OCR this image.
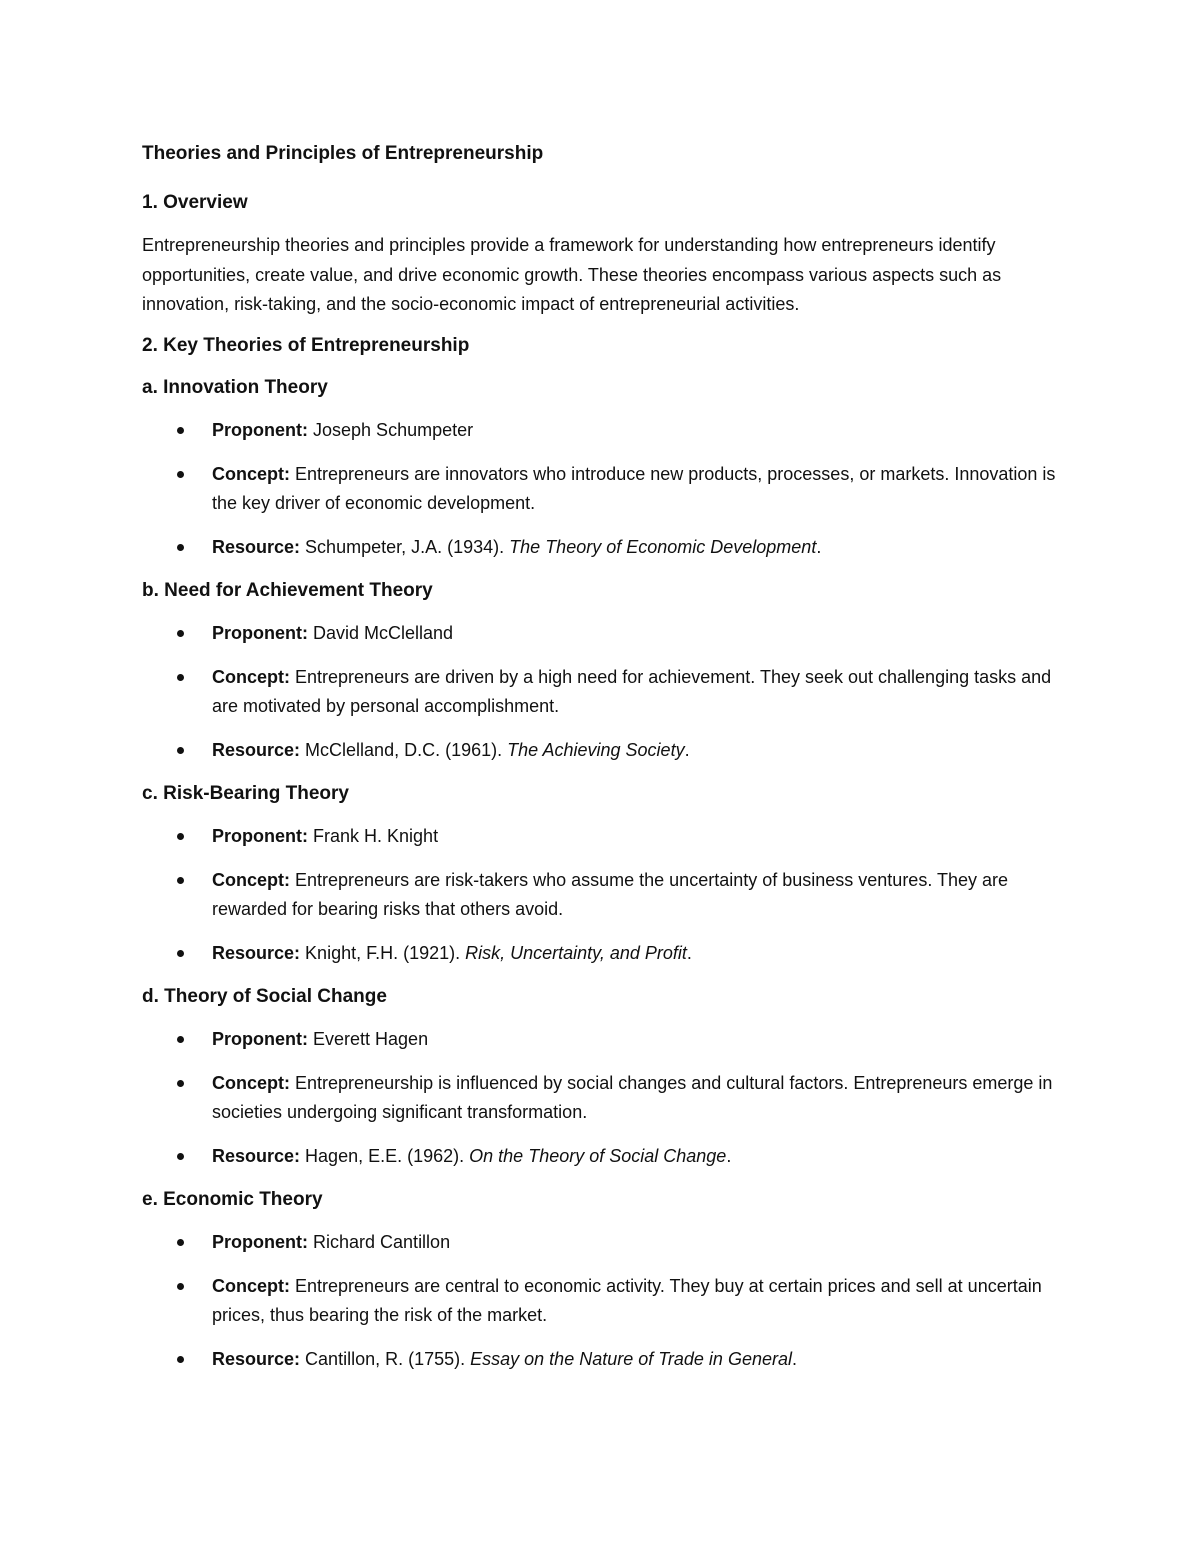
Theories and Principles of Entrepreneurship
1. Overview

Entrepreneurship theories and principles provide a framework for understanding how entrepreneurs identify opportunities, create value, and drive economic growth. These theories encompass various aspects such as innovation, risk-taking, and the socio-economic impact of entrepreneurial activities.

2. Key Theories of Entrepreneurship
a. Innovation Theory
Proponent: Joseph Schumpeter
Concept: Entrepreneurs are innovators who introduce new products, processes, or markets. Innovation is the key driver of economic development.
Resource: Schumpeter, J.A. (1934). The Theory of Economic Development.
b. Need for Achievement Theory
Proponent: David McClelland
Concept: Entrepreneurs are driven by a high need for achievement. They seek out challenging tasks and are motivated by personal accomplishment.
Resource: McClelland, D.C. (1961). The Achieving Society.
c. Risk-Bearing Theory
Proponent: Frank H. Knight
Concept: Entrepreneurs are risk-takers who assume the uncertainty of business ventures. They are rewarded for bearing risks that others avoid.
Resource: Knight, F.H. (1921). Risk, Uncertainty, and Profit.
d. Theory of Social Change
Proponent: Everett Hagen
Concept: Entrepreneurship is influenced by social changes and cultural factors. Entrepreneurs emerge in societies undergoing significant transformation.
Resource: Hagen, E.E. (1962). On the Theory of Social Change.
e. Economic Theory
Proponent: Richard Cantillon
Concept: Entrepreneurs are central to economic activity. They buy at certain prices and sell at uncertain prices, thus bearing the risk of the market.
Resource: Cantillon, R. (1755). Essay on the Nature of Trade in General.
